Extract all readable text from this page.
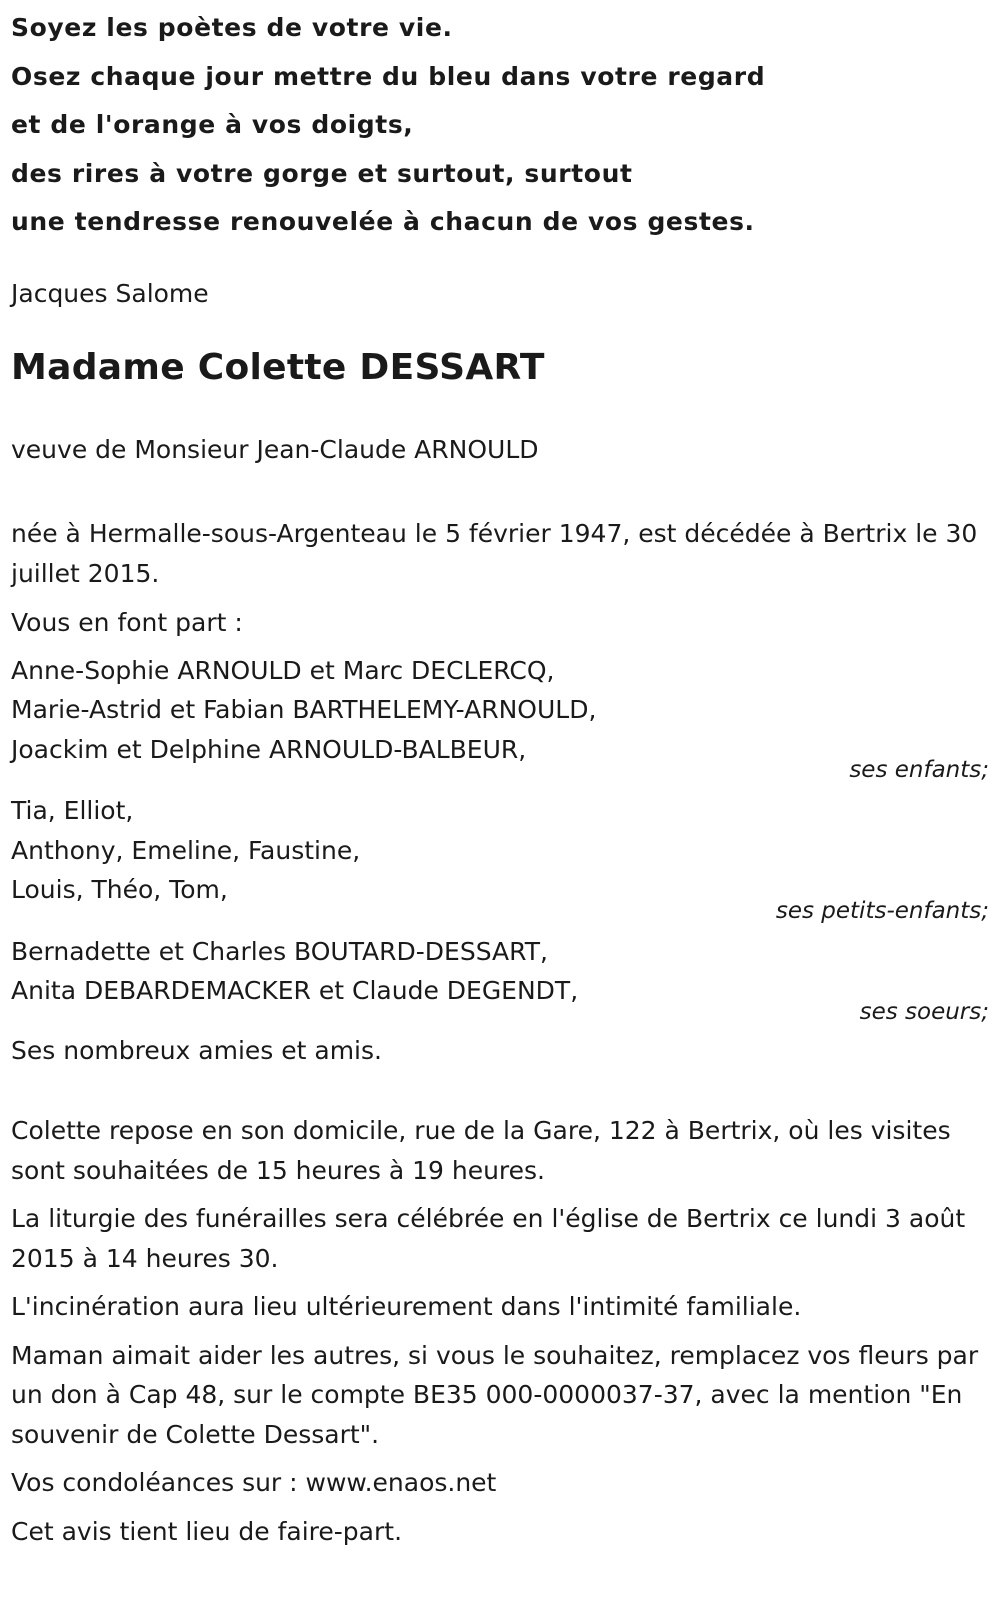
Soyez les poètes de votre vie.
Osez chaque jour mettre du bleu dans votre regard
et de l'orange à vos doigts,
des rires à votre gorge et surtout, surtout
une tendresse renouvelée à chacun de vos gestes.
Jacques Salome
Madame Colette DESSART

veuve de Monsieur Jean-Claude ARNOULD

née à Hermalle-sous-Argenteau le 5 février 1947, est décédée à Bertrix le 30 juillet 2015.

Vous en font part :

Anne-Sophie ARNOULD et Marc DECLERCQ,

Marie-Astrid et Fabian BARTHELEMY-ARNOULD,

Joackim et Delphine ARNOULD-BALBEUR,

ses enfants;

Tia, Elliot,

Anthony, Emeline, Faustine,

Louis, Théo, Tom,

ses petits-enfants;

Bernadette et Charles BOUTARD-DESSART,

Anita DEBARDEMACKER et Claude DEGENDT,

ses soeurs;

Ses nombreux amies et amis.

Colette repose en son domicile, rue de la Gare, 122 à Bertrix, où les visites sont souhaitées de 15 heures à 19 heures.

La liturgie des funérailles sera célébrée en l'église de Bertrix ce lundi 3 août 2015 à 14 heures 30.

L'incinération aura lieu ultérieurement dans l'intimité familiale.

Maman aimait aider les autres, si vous le souhaitez, remplacez vos fleurs par un don à Cap 48, sur le compte BE35 000-0000037-37, avec la mention "En souvenir de Colette Dessart".

Vos condoléances sur : www.enaos.net

Cet avis tient lieu de faire-part.
